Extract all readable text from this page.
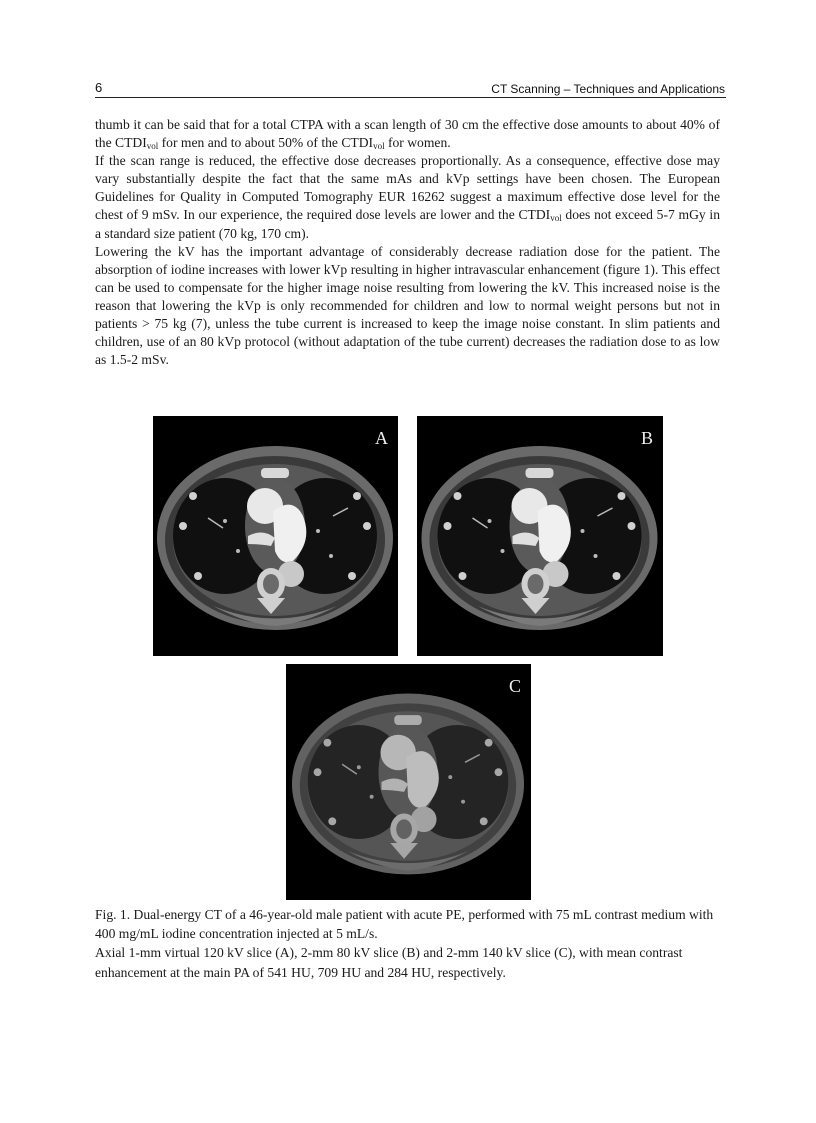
6	CT Scanning – Techniques and Applications

thumb it can be said that for a total CTPA with a scan length of 30 cm the effective dose amounts to about 40% of the $CTDI_{vol}$ for men and to about 50% of the $CTDI_{vol}$ for women.

If the scan range is reduced, the effective dose decreases proportionally. As a consequence, effective dose may vary substantially despite the fact that the same mAs and kVp settings have been chosen. The European Guidelines for Quality in Computed Tomography EUR 16262 suggest a maximum effective dose level for the chest of 9 mSv. In our experience, the required dose levels are lower and the $CTDI_{vol}$ does not exceed 5-7 mGy in a standard size patient (70 kg, 170 cm).

Lowering the kV has the important advantage of considerably decrease radiation dose for the patient. The absorption of iodine increases with lower kVp resulting in higher intravascular enhancement (figure 1). This effect can be used to compensate for the higher image noise resulting from lowering the kV. This increased noise is the reason that lowering the kVp is only recommended for children and low to normal weight persons but not in patients > 75 kg (7), unless the tube current is increased to keep the image noise constant. In slim patients and children, use of an 80 kVp protocol (without adaptation of the tube current) decreases the radiation dose to as low as 1.5-2 mSv.

A	B
C

Fig. 1. Dual-energy CT of a 46-year-old male patient with acute PE, performed with 75 mL contrast medium with 400 mg/mL iodine concentration injected at 5 mL/s.

Axial 1-mm virtual 120 kV slice (A), 2-mm 80 kV slice (B) and 2-mm 140 kV slice (C), with mean contrast enhancement at the main PA of 541 HU, 709 HU and 284 HU, respectively.
